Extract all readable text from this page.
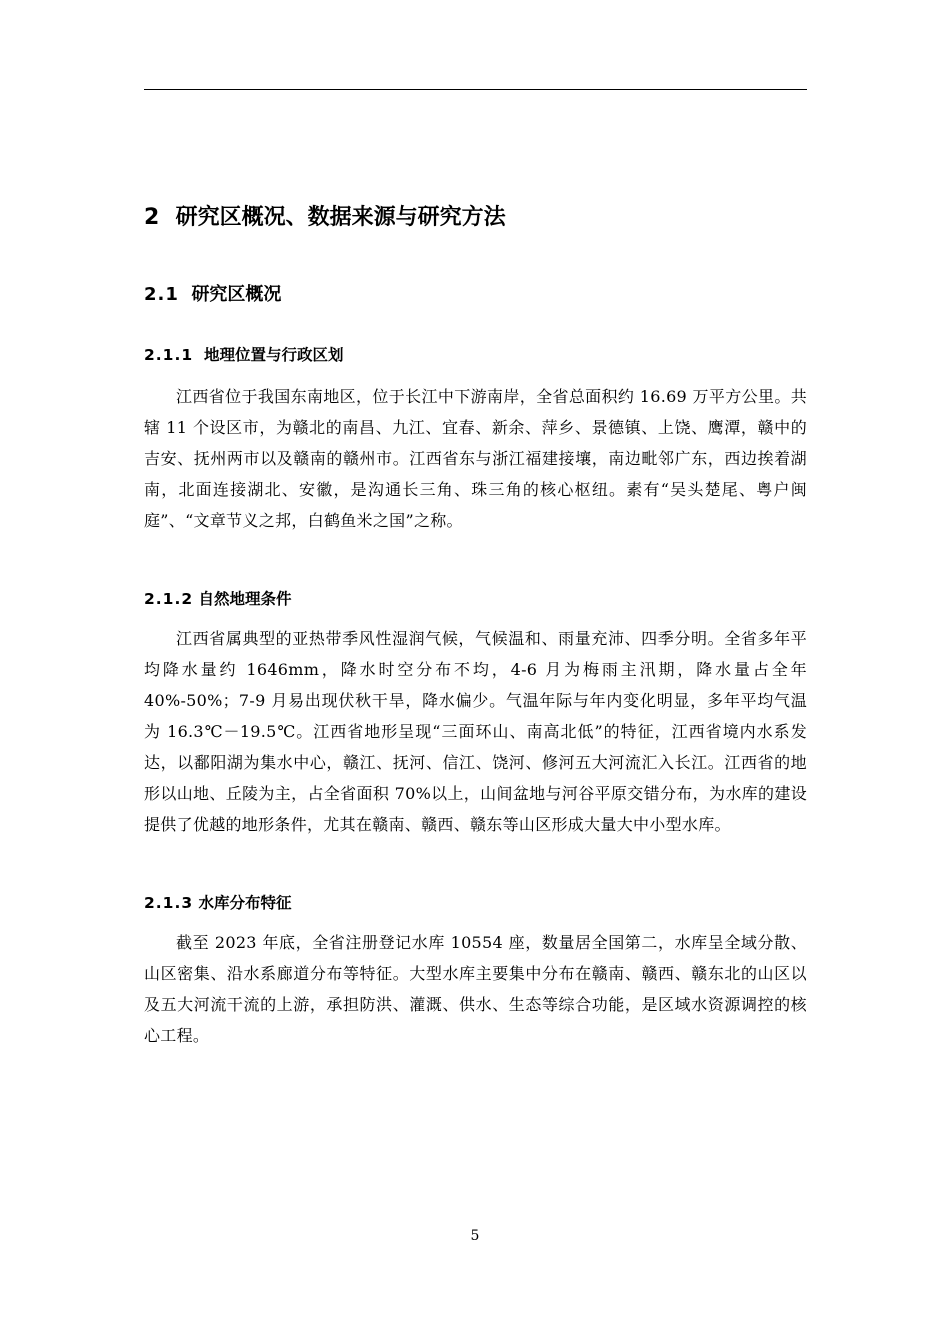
2 研究区概况、数据来源与研究方法
2.1 研究区概况
2.1.1 地理位置与行政区划

江西省位于我国东南地区，位于长江中下游南岸，全省总面积约 16.69 万平方公里。共辖 11 个设区市，为赣北的南昌、九江、宜春、新余、萍乡、景德镇、上饶、鹰潭，赣中的吉安、抚州两市以及赣南的赣州市。江西省东与浙江福建接壤，南边毗邻广东，西边挨着湖南，北面连接湖北、安徽，是沟通长三角、珠三角的核心枢纽。素有“吴头楚尾、粤户闽庭”、“文章节义之邦，白鹤鱼米之国”之称。

2.1.2 自然地理条件

江西省属典型的亚热带季风性湿润气候，气候温和、雨量充沛、四季分明。全省多年平均降水量约 1646mm，降水时空分布不均，4-6 月为梅雨主汛期，降水量占全年 40%-50%；7-9 月易出现伏秋干旱，降水偏少。气温年际与年内变化明显，多年平均气温为 16.3℃－19.5℃。江西省地形呈现“三面环山、南高北低”的特征，江西省境内水系发达，以鄱阳湖为集水中心，赣江、抚河、信江、饶河、修河五大河流汇入长江。江西省的地形以山地、丘陵为主，占全省面积 70%以上，山间盆地与河谷平原交错分布，为水库的建设提供了优越的地形条件，尤其在赣南、赣西、赣东等山区形成大量大中小型水库。

2.1.3 水库分布特征

截至 2023 年底，全省注册登记水库 10554 座，数量居全国第二，水库呈全域分散、山区密集、沿水系廊道分布等特征。大型水库主要集中分布在赣南、赣西、赣东北的山区以及五大河流干流的上游，承担防洪、灌溉、供水、生态等综合功能，是区域水资源调控的核心工程。

5
